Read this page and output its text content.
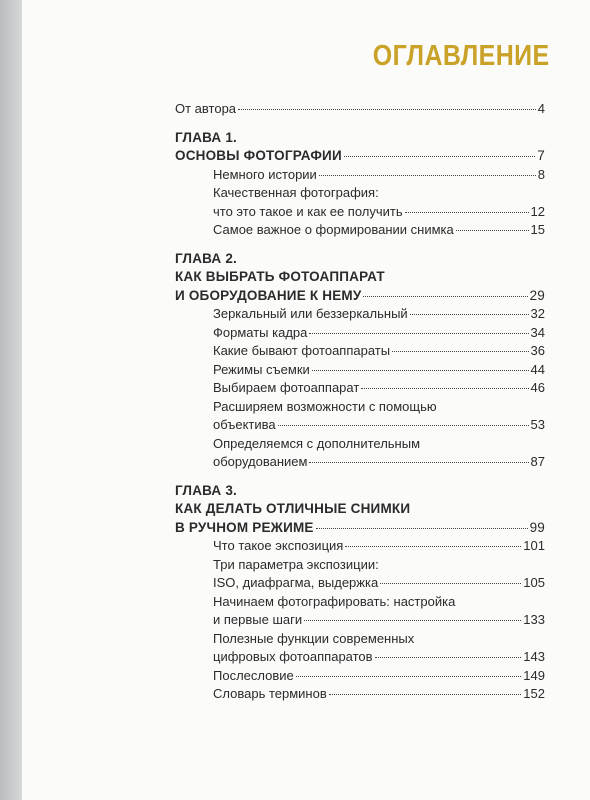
ОГЛАВЛЕНИЕ
От автора	4
ГЛАВА 1.
ОСНОВЫ ФОТОГРАФИИ	7
Немного истории	8
Качественная фотография:
что это такое и как ее получить	12
Самое важное о формировании снимка	15
ГЛАВА 2.
КАК ВЫБРАТЬ ФОТОАППАРАТ
И ОБОРУДОВАНИЕ К НЕМУ	29
Зеркальный или беззеркальный	32
Форматы кадра	34
Какие бывают фотоаппараты	36
Режимы съемки	44
Выбираем фотоаппарат	46
Расширяем возможности с помощью
объектива	53
Определяемся с дополнительным
оборудованием	87
ГЛАВА 3.
КАК ДЕЛАТЬ ОТЛИЧНЫЕ СНИМКИ
В РУЧНОМ РЕЖИМЕ	99
Что такое экспозиция	101
Три параметра экспозиции:
ISO, диафрагма, выдержка	105
Начинаем фотографировать: настройка
и первые шаги	133
Полезные функции современных
цифровых фотоаппаратов	143
Послесловие	149
Словарь терминов	152
